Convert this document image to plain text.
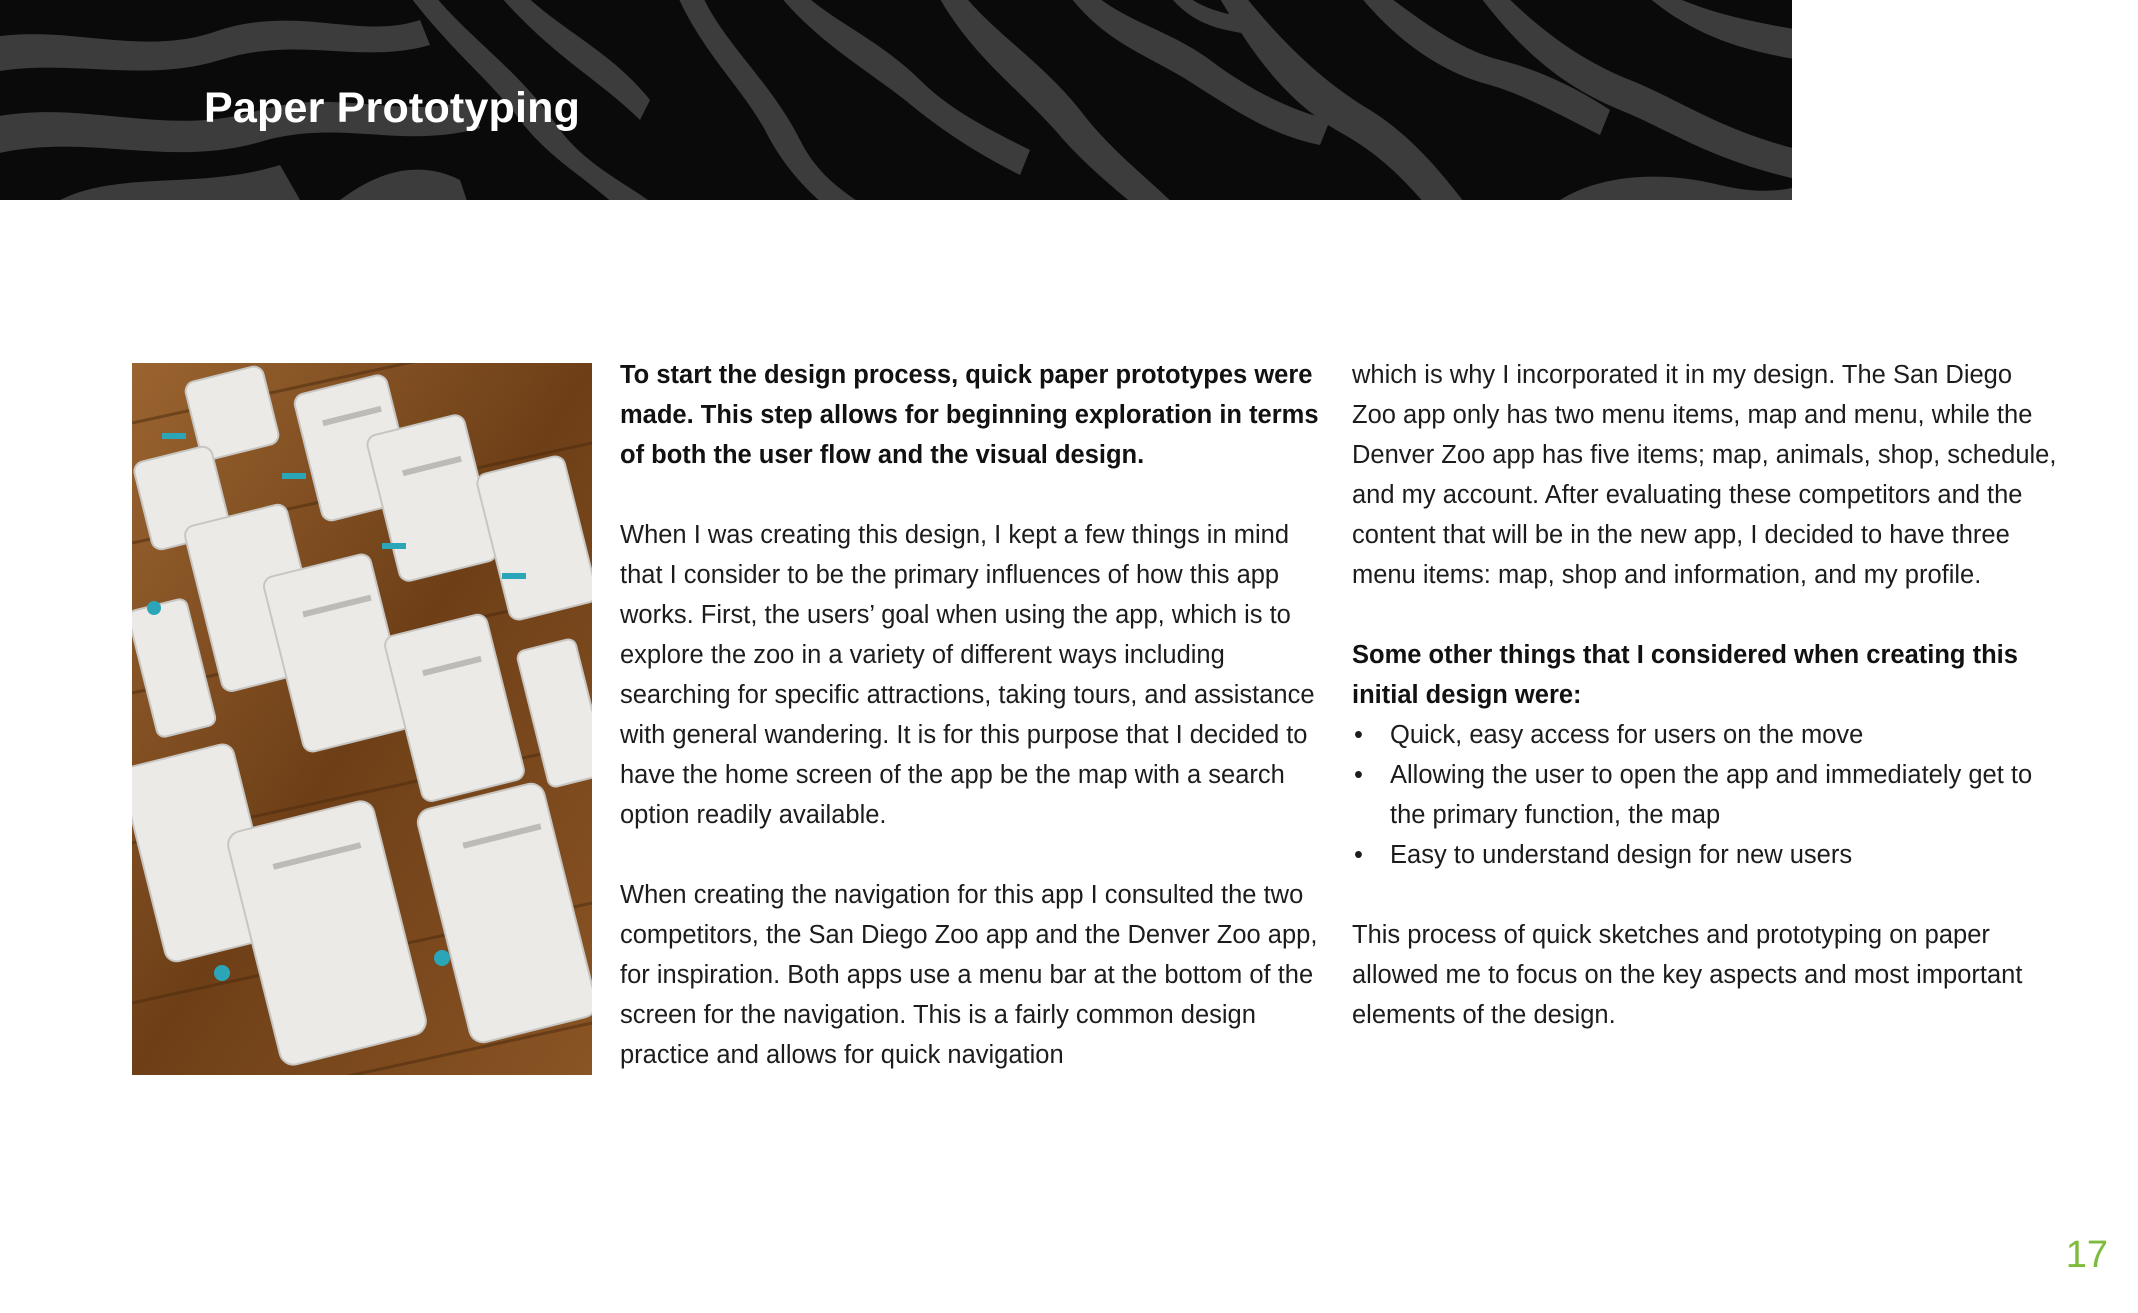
Paper Prototyping

To start the design process, quick paper prototypes were made. This step allows for beginning exploration in terms of both the user flow and the visual design.

When I was creating this design, I kept a few things in mind that I consider to be the primary influences of how this app works. First, the users’ goal when using the app, which is to explore the zoo in a variety of different ways including searching for specific attractions, taking tours, and assistance with general wandering. It is for this purpose that I decided to have the home screen of the app be the map with a search option readily available.

When creating the navigation for this app I consulted the two competitors, the San Diego Zoo app and the Denver Zoo app, for inspiration. Both apps use a menu bar at the bottom of the screen for the navigation. This is a fairly common design practice and allows for quick navigation

which is why I incorporated it in my design. The San Diego Zoo app only has two menu items, map and menu, while the Denver Zoo app has five items; map, animals, shop, schedule, and my account. After evaluating these competitors and the content that will be in the new app, I decided to have three menu items: map, shop and information, and my profile.

Some other things that I considered when creating this initial design were:

• Quick, easy access for users on the move
• Allowing the user to open the app and immediately get to the primary function, the map
• Easy to understand design for new users

This process of quick sketches and prototyping on paper allowed me to focus on the key aspects and most important elements of the design.

17
